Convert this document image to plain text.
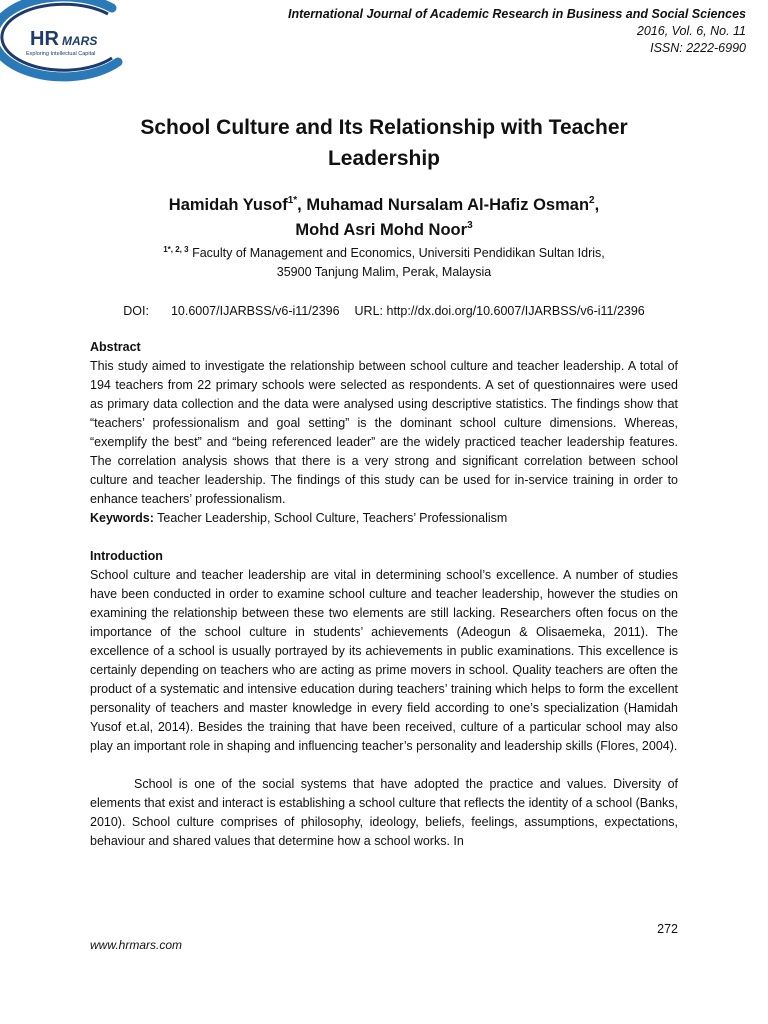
HR MARS
Exploring Intellectual Capital
International Journal of Academic Research in Business and Social Sciences
2016, Vol. 6, No. 11
ISSN: 2222-6990
School Culture and Its Relationship with Teacher
Leadership
Hamidah Yusof$^{1*}$, Muhamad Nursalam Al-Hafiz Osman$^2$,
Mohd Asri Mohd Noor$^3$
$^{1*, 2, 3}$ Faculty of Management and Economics, Universiti Pendidikan Sultan Idris,
35900 Tanjung Malim, Perak, Malaysia
DOI: 10.6007/IJARBSS/v6-i11/2396 URL: http://dx.doi.org/10.6007/IJARBSS/v6-i11/2396

Abstract

This study aimed to investigate the relationship between school culture and teacher leadership. A total of 194 teachers from 22 primary schools were selected as respondents. A set of questionnaires were used as primary data collection and the data were analysed using descriptive statistics. The findings show that “teachers’ professionalism and goal setting” is the dominant school culture dimensions. Whereas, “exemplify the best” and “being referenced leader” are the widely practiced teacher leadership features. The correlation analysis shows that there is a very strong and significant correlation between school culture and teacher leadership. The findings of this study can be used for in-service training in order to enhance teachers’ professionalism.

Keywords: Teacher Leadership, School Culture, Teachers’ Professionalism

Introduction

School culture and teacher leadership are vital in determining school’s excellence. A number of studies have been conducted in order to examine school culture and teacher leadership, however the studies on examining the relationship between these two elements are still lacking. Researchers often focus on the importance of the school culture in students’ achievements (Adeogun & Olisaemeka, 2011). The excellence of a school is usually portrayed by its achievements in public examinations. This excellence is certainly depending on teachers who are acting as prime movers in school. Quality teachers are often the product of a systematic and intensive education during teachers’ training which helps to form the excellent personality of teachers and master knowledge in every field according to one’s specialization (Hamidah Yusof et.al, 2014). Besides the training that have been received, culture of a particular school may also play an important role in shaping and influencing teacher’s personality and leadership skills (Flores, 2004).

School is one of the social systems that have adopted the practice and values. Diversity of elements that exist and interact is establishing a school culture that reflects the identity of a school (Banks, 2010). School culture comprises of philosophy, ideology, beliefs, feelings, assumptions, expectations, behaviour and shared values that determine how a school works. In

272
www.hrmars.com
